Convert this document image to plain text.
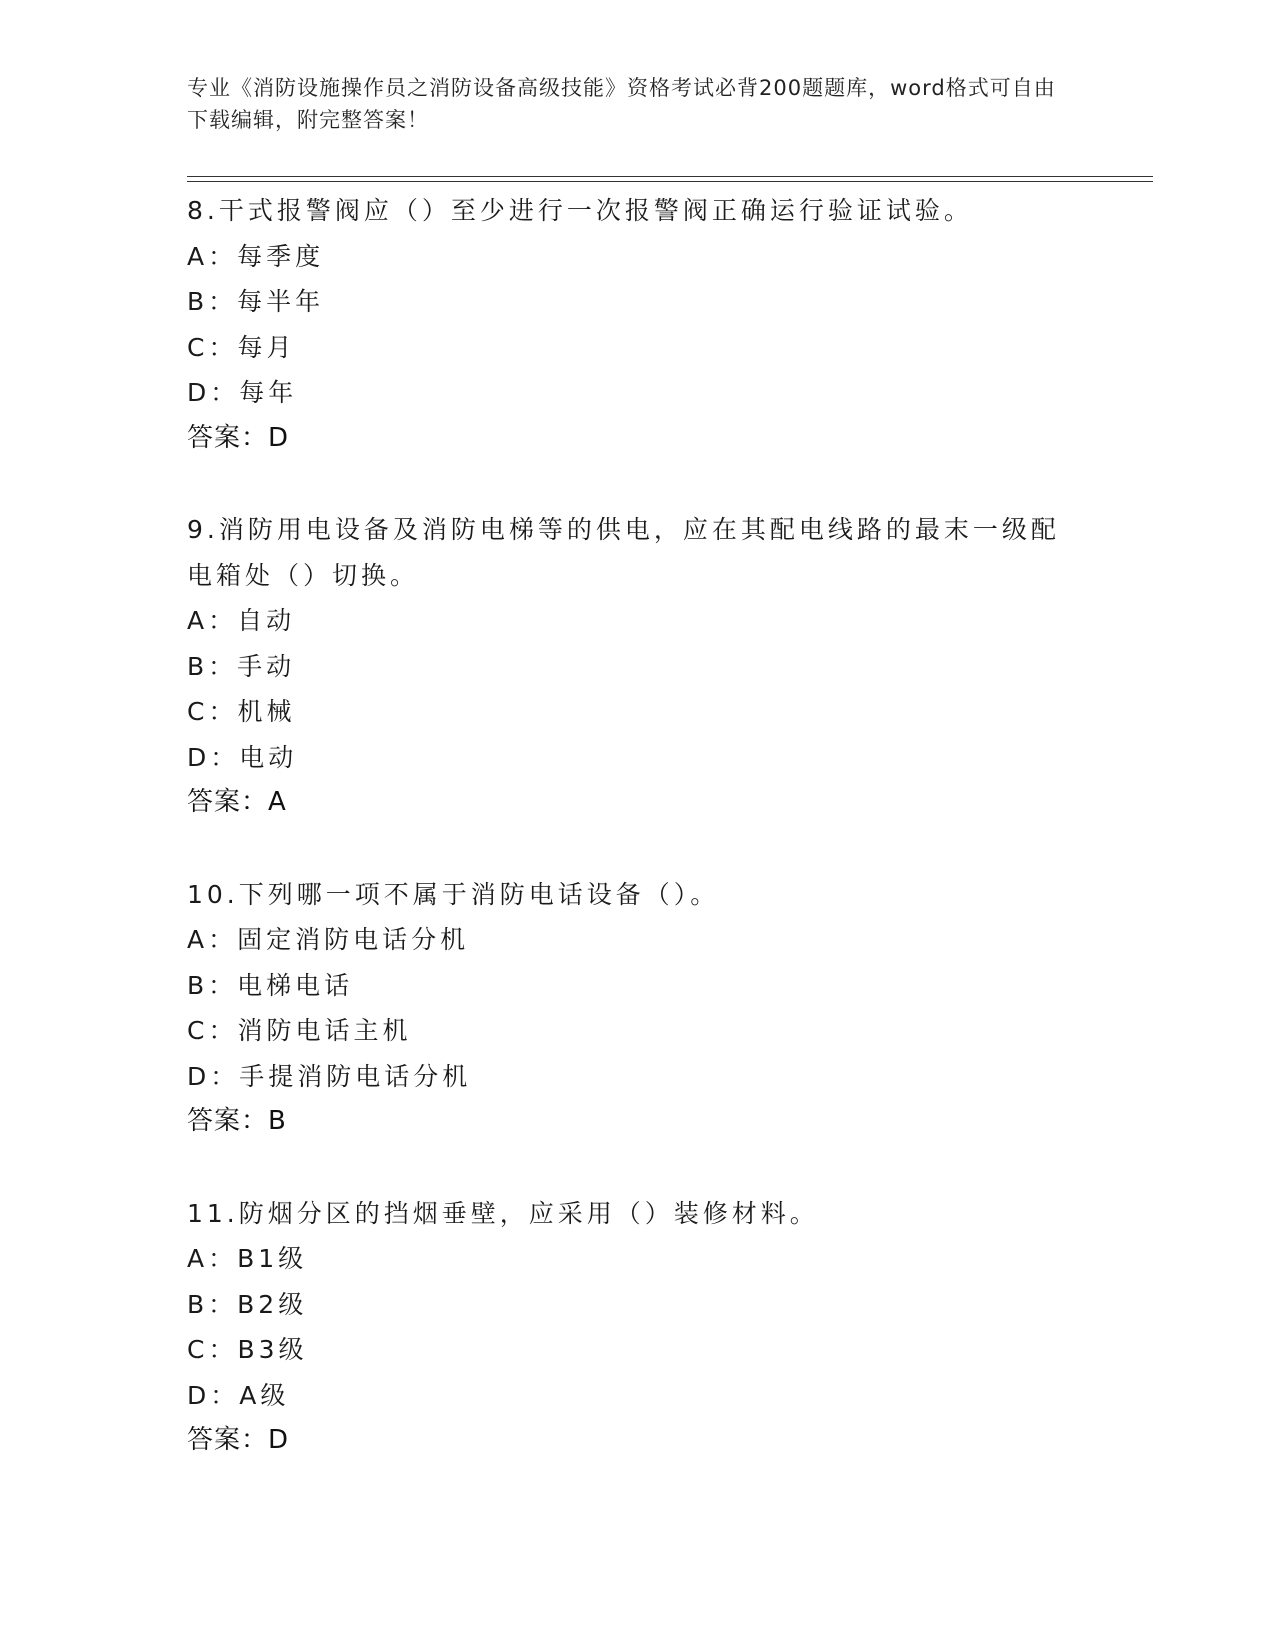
专业《消防设施操作员之消防设备高级技能》资格考试必背200题题库，word格式可自由下载编辑，附完整答案！
8.干式报警阀应（）至少进行一次报警阀正确运行验证试验。
A：每季度
B：每半年
C：每月
D：每年
答案：D
9.消防用电设备及消防电梯等的供电，应在其配电线路的最末一级配电箱处（）切换。
A：自动
B：手动
C：机械
D：电动
答案：A
10.下列哪一项不属于消防电话设备（）。
A：固定消防电话分机
B：电梯电话
C：消防电话主机
D：手提消防电话分机
答案：B
11.防烟分区的挡烟垂壁，应采用（）装修材料。
A：B1级
B：B2级
C：B3级
D：A级
答案：D
